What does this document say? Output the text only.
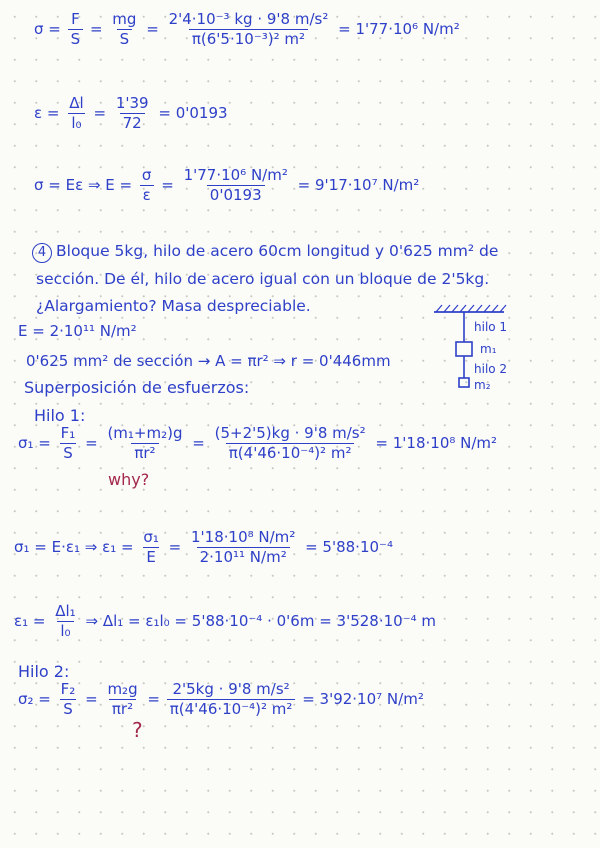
$\sigma = \frac{F}{S} = \frac{mg}{S} = \frac{\text{2'4·10⁻³ kg · 9'8 m/s²}}{\text{π(6'5·10⁻³)² m²}} = 1'77\cdot 10^6$ N/m²
$\varepsilon = \frac{\Delta l}{\text{l₀}} = \frac{1'39}{72} = 0'0193$
σ = Eε ⇒ $E = \frac{\sigma}{\varepsilon} = \frac{\text{1'77·10⁶ N/m²}}{0'0193} = 9'17\cdot 10^7$ N/m²
4 Bloque 5kg, hilo de acero 60cm longitud y 0'625 mm² de
sección. De él, hilo de acero igual con un bloque de 2'5kg.
¿Alargamiento? Masa despreciable.
E = 2·10¹¹ N/m²
0'625 mm² de sección → A = πr² ⇒ r = 0'446mm
Superposición de esfuerzos:
hilo 1
m₁
hilo 2
m₂
Hilo 1:
$\sigma_1 = \frac{\text{F₁}}{S} = \frac{\text{(m₁+m₂)g}}{\text{πr²}} = \frac{\text{(5+2'5)kg · 9'8 m/s²}}{\text{π(4'46·10⁻⁴)² m²}} = 1'18\cdot 10^8$ N/m²
why?
σ₁ = E·ε₁ ⇒ $\varepsilon_1 = \frac{\text{σ₁}}{E} = \frac{\text{1'18·10⁸ N/m²}}{\text{2·10¹¹ N/m²}} = 5'88\cdot 10^{-4}$
$\varepsilon_1 = \frac{\text{Δl₁}}{\text{l₀}}$ ⇒ Δl₁ = ε₁l₀ = 5'88·10⁻⁴ · 0'6m = 3'528·10⁻⁴ m
Hilo 2:
$\sigma_2 = \frac{\text{F₂}}{S} = \frac{\text{m₂g}}{\text{πr²}} = \frac{\text{2'5kg · 9'8 m/s²}}{\text{π(4'46·10⁻⁴)² m²}} = 3'92\cdot 10^7$ N/m²
?
